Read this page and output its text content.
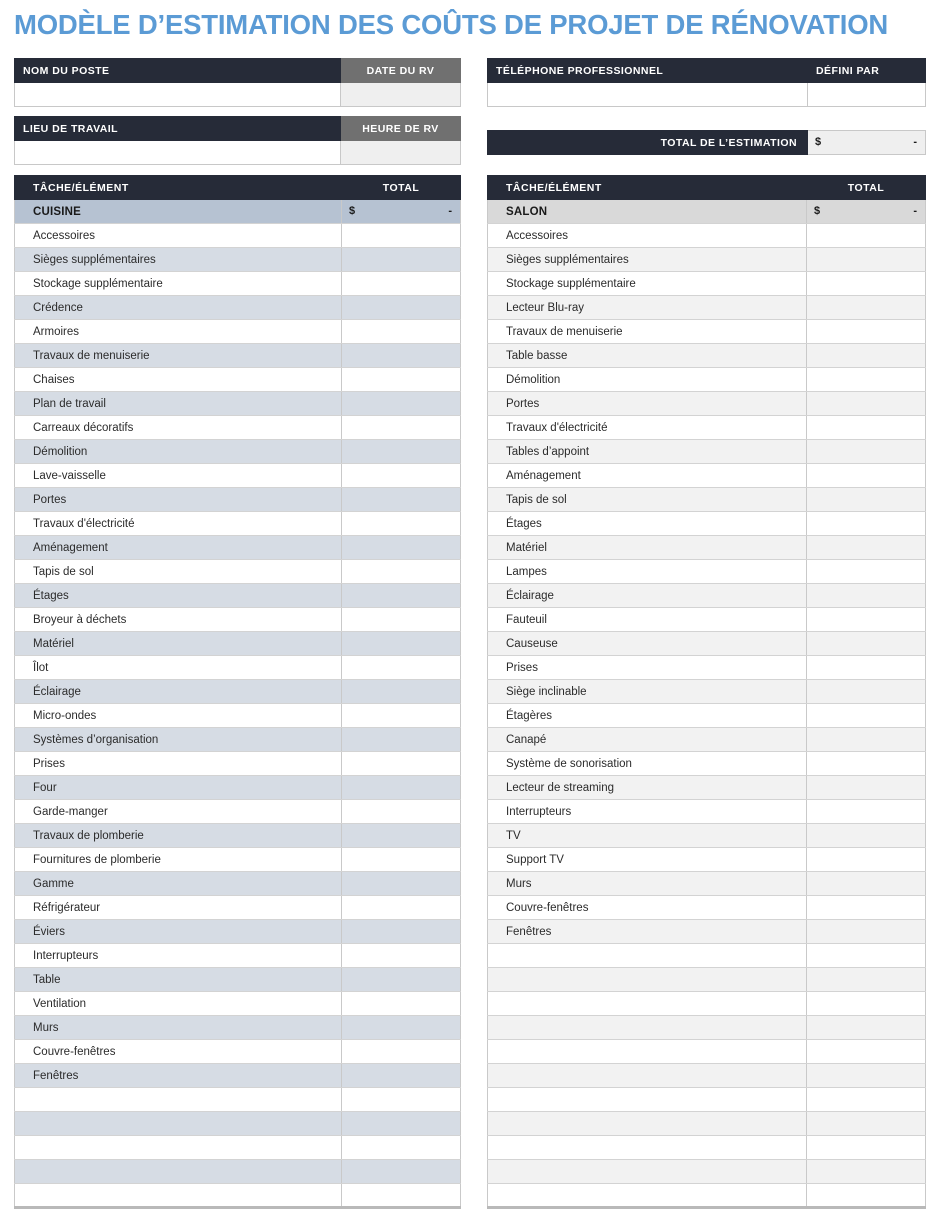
MODÈLE D’ESTIMATION DES COÛTS DE PROJET DE RÉNOVATION
NOM DU POSTE	DATE DU RV

LIEU DE TRAVAIL	HEURE DE RV

TÉLÉPHONE PROFESSIONNEL	DÉFINI PAR

TOTAL DE L’ESTIMATION	$	-
TÂCHE/ÉLÉMENT	TOTAL
CUISINE	$ -

Accessoires	
Sièges supplémentaires	
Stockage supplémentaire	
Crédence	
Armoires	
Travaux de menuiserie	
Chaises	
Plan de travail	
Carreaux décoratifs	
Démolition	
Lave-vaisselle	
Portes	
Travaux d'électricité	
Aménagement	
Tapis de sol	
Étages	
Broyeur à déchets	
Matériel	
Îlot	
Éclairage	
Micro-ondes	
Systèmes d’organisation	
Prises	
Four	
Garde-manger	
Travaux de plomberie	
Fournitures de plomberie	
Gamme	
Réfrigérateur	
Éviers	
Interrupteurs	
Table	
Ventilation	
Murs	
Couvre-fenêtres	
Fenêtres	

TÂCHE/ÉLÉMENT	TOTAL
SALON	$ -

Accessoires	
Sièges supplémentaires	
Stockage supplémentaire	
Lecteur Blu-ray	
Travaux de menuiserie	
Table basse	
Démolition	
Portes	
Travaux d'électricité	
Tables d’appoint	
Aménagement	
Tapis de sol	
Étages	
Matériel	
Lampes	
Éclairage	
Fauteuil	
Causeuse	
Prises	
Siège inclinable	
Étagères	
Canapé	
Système de sonorisation	
Lecteur de streaming	
Interrupteurs	
TV	
Support TV	
Murs	
Couvre-fenêtres	
Fenêtres	
